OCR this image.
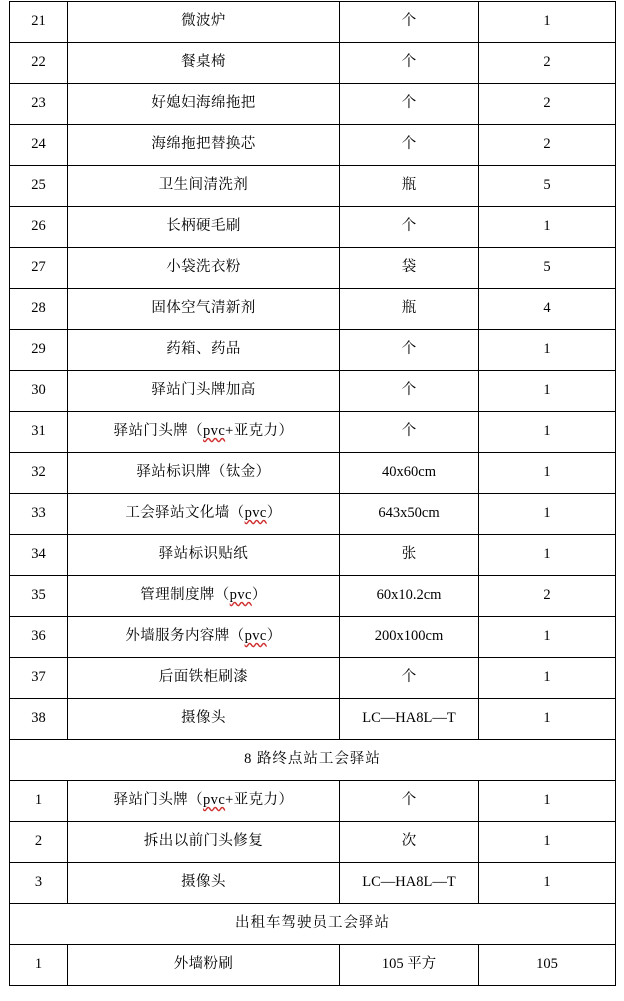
21	微波炉	个	1
22	餐桌椅	个	2
23	好媳妇海绵拖把	个	2
24	海绵拖把替换芯	个	2
25	卫生间清洗剂	瓶	5
26	长柄硬毛刷	个	1
27	小袋洗衣粉	袋	5
28	固体空气清新剂	瓶	4
29	药箱、药品	个	1
30	驿站门头牌加高	个	1
31	驿站门头牌（pvc+亚克力）	个	1
32	驿站标识牌（钛金）	40x60cm	1
33	工会驿站文化墙（pvc）	643x50cm	1
34	驿站标识贴纸	张	1
35	管理制度牌（pvc）	60x10.2cm	2
36	外墙服务内容牌（pvc）	200x100cm	1
37	后面铁柜刷漆	个	1
38	摄像头	LC—HA8L—T	1
8 路终点站工会驿站			
1	驿站门头牌（pvc+亚克力）	个	1
2	拆出以前门头修复	次	1
3	摄像头	LC—HA8L—T	1
出租车驾驶员工会驿站			
1	外墙粉刷	105 平方	105
